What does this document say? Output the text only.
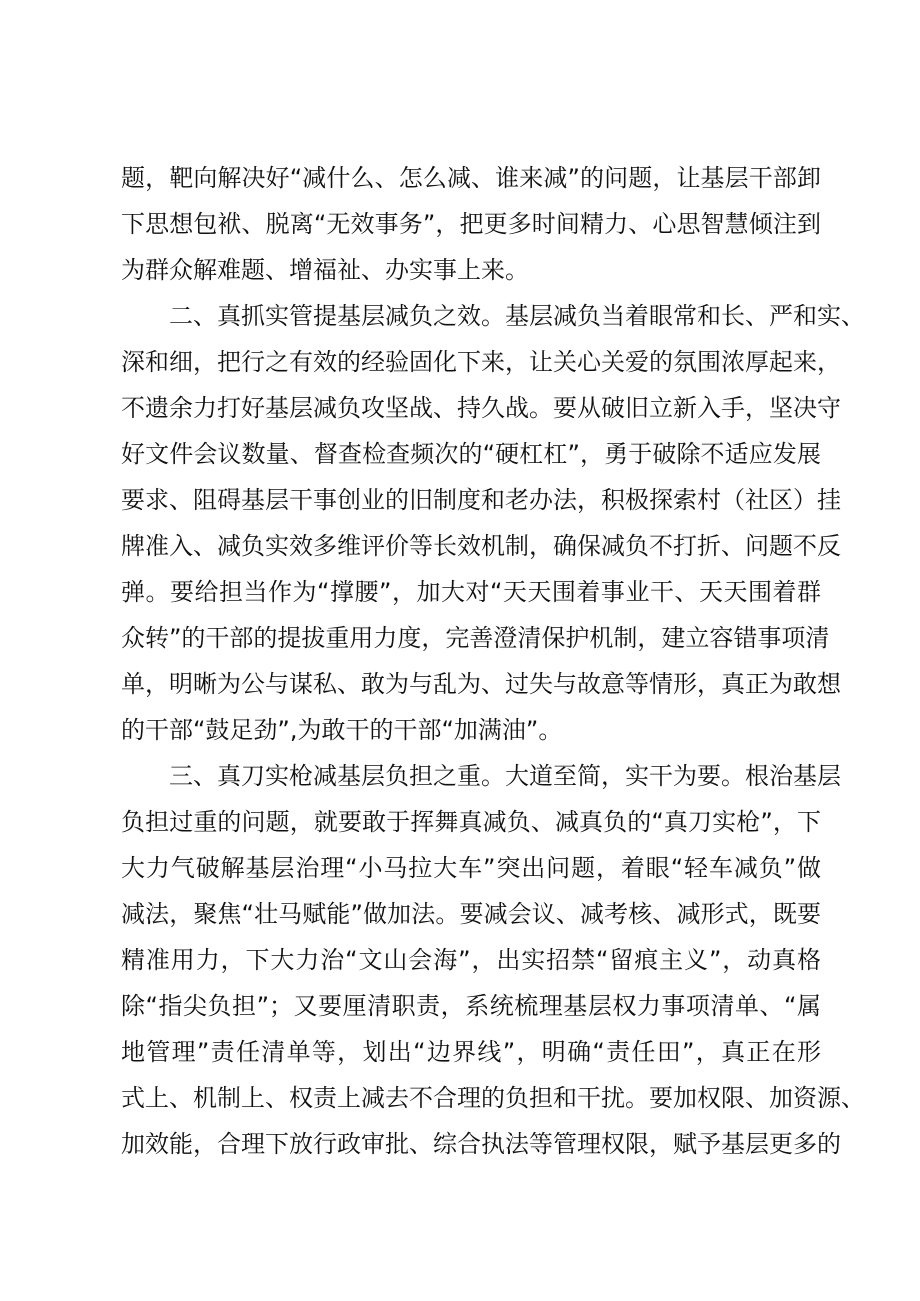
题，靶向解决好“减什么、怎么减、谁来减”的问题，让基层干部卸
下思想包袱、脱离“无效事务”，把更多时间精力、心思智慧倾注到
为群众解难题、增福祉、办实事上来。
二、真抓实管提基层减负之效。基层减负当着眼常和长、严和实、
深和细，把行之有效的经验固化下来，让关心关爱的氛围浓厚起来，
不遗余力打好基层减负攻坚战、持久战。要从破旧立新入手，坚决守
好文件会议数量、督查检查频次的“硬杠杠”，勇于破除不适应发展
要求、阻碍基层干事创业的旧制度和老办法，积极探索村（社区）挂
牌准入、减负实效多维评价等长效机制，确保减负不打折、问题不反
弹。要给担当作为“撑腰”，加大对“天天围着事业干、天天围着群
众转”的干部的提拔重用力度，完善澄清保护机制，建立容错事项清
单，明晰为公与谋私、敢为与乱为、过失与故意等情形，真正为敢想
的干部“鼓足劲”,为敢干的干部“加满油”。
三、真刀实枪减基层负担之重。大道至简，实干为要。根治基层
负担过重的问题，就要敢于挥舞真减负、减真负的“真刀实枪”，下
大力气破解基层治理“小马拉大车”突出问题，着眼“轻车减负”做
减法，聚焦“壮马赋能”做加法。要减会议、减考核、减形式，既要
精准用力，下大力治“文山会海”，出实招禁“留痕主义”，动真格
除“指尖负担”；又要厘清职责，系统梳理基层权力事项清单、“属
地管理”责任清单等，划出“边界线”，明确“责任田”，真正在形
式上、机制上、权责上减去不合理的负担和干扰。要加权限、加资源、
加效能，合理下放行政审批、综合执法等管理权限，赋予基层更多的
